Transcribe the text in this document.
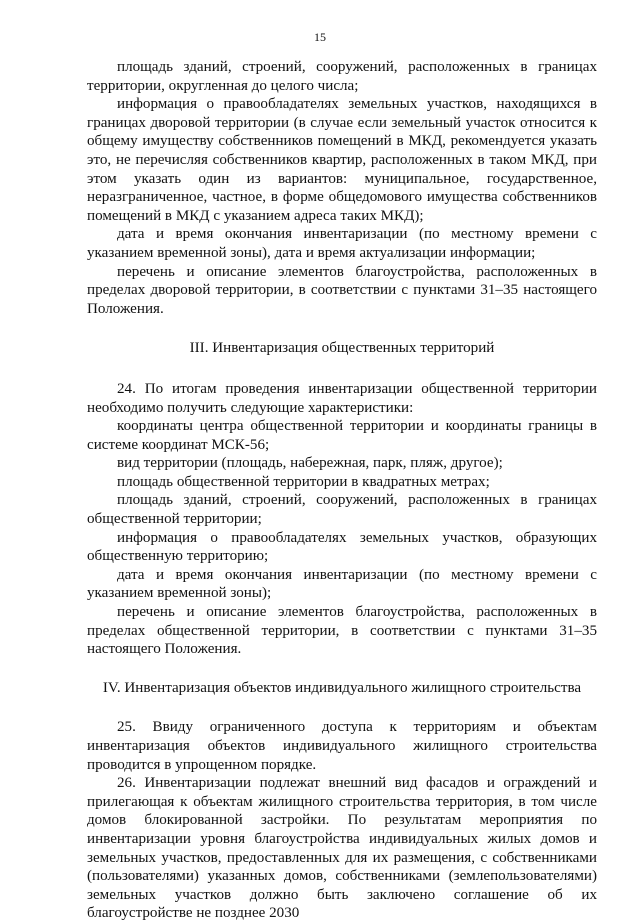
15

площадь зданий, строений, сооружений, расположенных в границах территории, округленная до целого числа;

информация о правообладателях земельных участков, находящихся в границах дворовой территории (в случае если земельный участок относится к общему имуществу собственников помещений в МКД, рекомендуется указать это, не перечисляя собственников квартир, расположенных в таком МКД, при этом указать один из вариантов: муниципальное, государственное, неразграниченное, частное, в форме общедомового имущества собственников помещений в МКД с указанием адреса таких МКД);

дата и время окончания инвентаризации (по местному времени с указанием временной зоны), дата и время актуализации информации;

перечень и описание элементов благоустройства, расположенных в пределах дворовой территории, в соответствии с пунктами 31–35 настоящего Положения.

III. Инвентаризация общественных территорий

24. По итогам проведения инвентаризации общественной территории необходимо получить следующие характеристики:

координаты центра общественной территории и координаты границы в системе координат МСК-56;

вид территории (площадь, набережная, парк, пляж, другое);

площадь общественной территории в квадратных метрах;

площадь зданий, строений, сооружений, расположенных в границах общественной территории;

информация о правообладателях земельных участков, образующих общественную территорию;

дата и время окончания инвентаризации (по местному времени с указанием временной зоны);

перечень и описание элементов благоустройства, расположенных в пределах общественной территории, в соответствии с пунктами 31–35 настоящего Положения.

IV. Инвентаризация объектов индивидуального жилищного строительства

25. Ввиду ограниченного доступа к территориям и объектам инвентаризация объектов индивидуального жилищного строительства проводится в упрощенном порядке.

26. Инвентаризации подлежат внешний вид фасадов и ограждений и прилегающая к объектам жилищного строительства территория, в том числе домов блокированной застройки. По результатам мероприятия по инвентаризации уровня благоустройства индивидуальных жилых домов и земельных участков, предоставленных для их размещения, с собственниками (пользователями) указанных домов, собственниками (землепользователями) земельных участков должно быть заключено соглашение об их благоустройстве не позднее 2030
